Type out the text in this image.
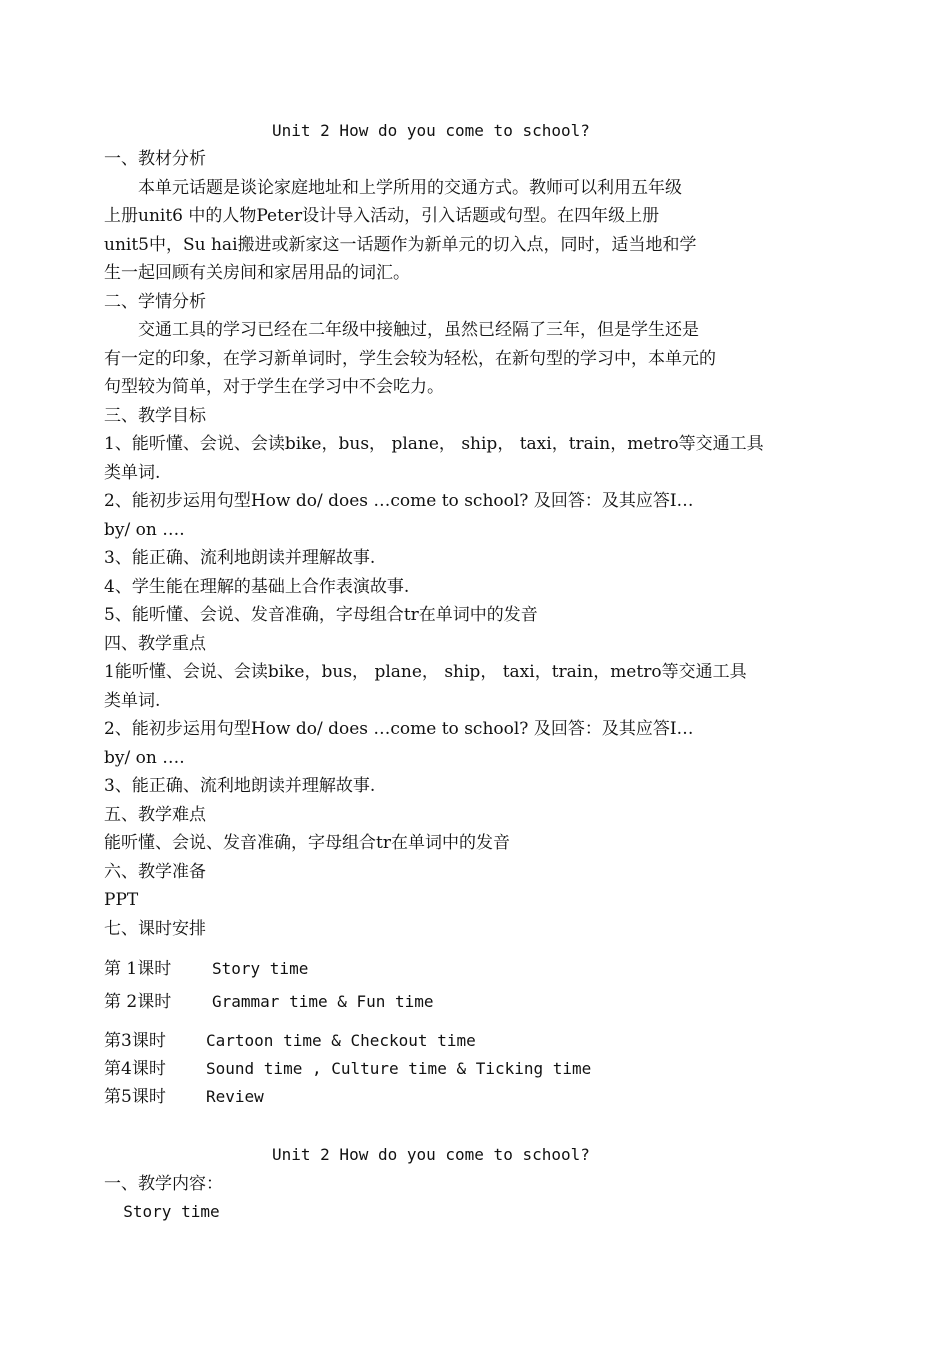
Unit 2 How do you come to school?
一、教材分析
　　本单元话题是谈论家庭地址和上学所用的交通方式。教师可以利用五年级
上册unit6 中的人物Peter设计导入活动，引入话题或句型。在四年级上册
unit5中，Su hai搬进或新家这一话题作为新单元的切入点，同时，适当地和学
生一起回顾有关房间和家居用品的词汇。
二、学情分析
　　交通工具的学习已经在二年级中接触过，虽然已经隔了三年，但是学生还是
有一定的印象，在学习新单词时，学生会较为轻松，在新句型的学习中，本单元的
句型较为简单，对于学生在学习中不会吃力。
三、教学目标
1、能听懂、会说、会读bike，bus， plane， ship， taxi，train，metro等交通工具
类单词.
2、能初步运用句型How do/ does …come to school? 及回答：及其应答I…
by/ on ….
3、能正确、流利地朗读并理解故事.
4、学生能在理解的基础上合作表演故事.
5、能听懂、会说、发音准确，字母组合tr在单词中的发音
四、教学重点
1能听懂、会说、会读bike，bus， plane， ship， taxi，train，metro等交通工具
类单词.
2、能初步运用句型How do/ does …come to school? 及回答：及其应答I…
by/ on ….
3、能正确、流利地朗读并理解故事.
五、教学难点
能听懂、会说、发音准确，字母组合tr在单词中的发音
六、教学准备
PPT
七、课时安排
第 1课时	Story time
第 2课时	Grammar time & Fun time
第3课时	Cartoon time & Checkout time
第4课时	Sound time , Culture time & Ticking time
第5课时	Review
Unit 2 How do you come to school?
一、教学内容：
Story time
